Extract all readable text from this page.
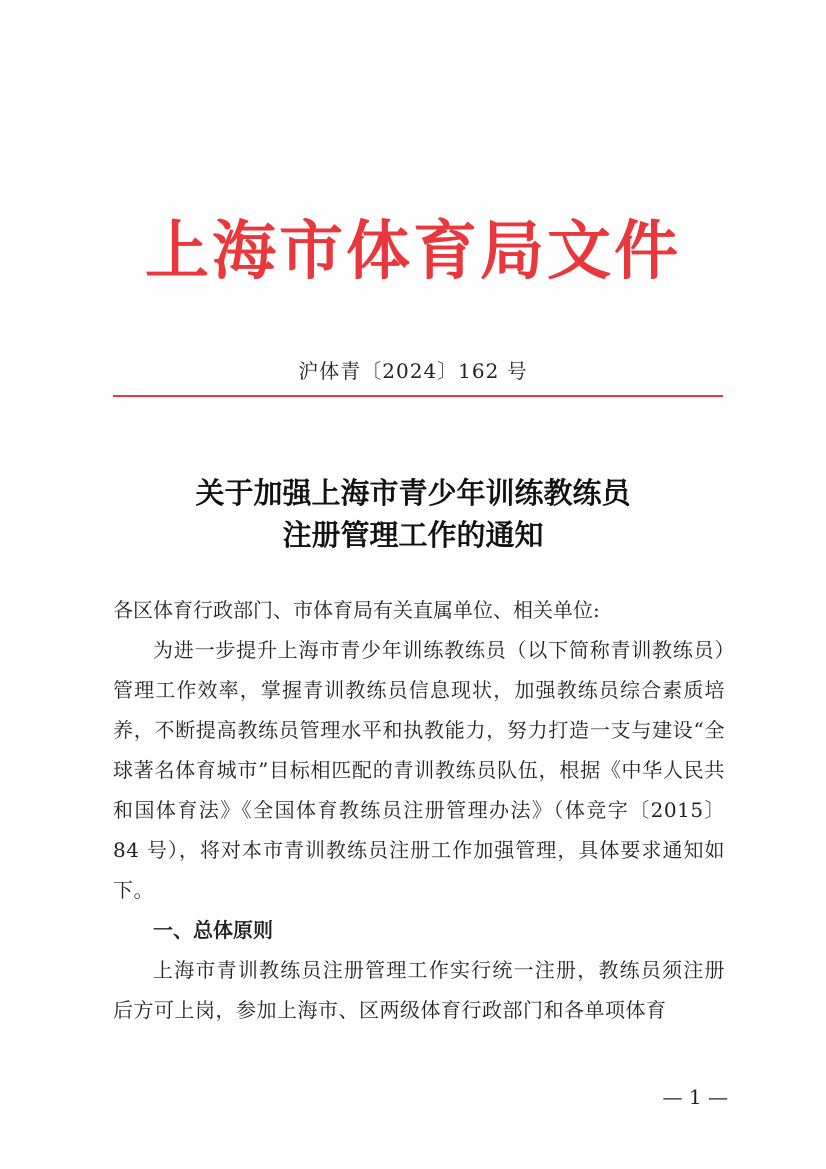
上海市体育局文件
沪体青〔2024〕162 号
关于加强上海市青少年训练教练员
注册管理工作的通知
各区体育行政部门、市体育局有关直属单位、相关单位:
为进一步提升上海市青少年训练教练员（以下简称青训教练员）管理工作效率，掌握青训教练员信息现状，加强教练员综合素质培养，不断提高教练员管理水平和执教能力，努力打造一支与建设“全球著名体育城市”目标相匹配的青训教练员队伍，根据《中华人民共和国体育法》《全国体育教练员注册管理办法》（体竞字〔2015〕84 号），将对本市青训教练员注册工作加强管理，具体要求通知如下。
一、总体原则
上海市青训教练员注册管理工作实行统一注册，教练员须注册后方可上岗，参加上海市、区两级体育行政部门和各单项体育
— 1 —
